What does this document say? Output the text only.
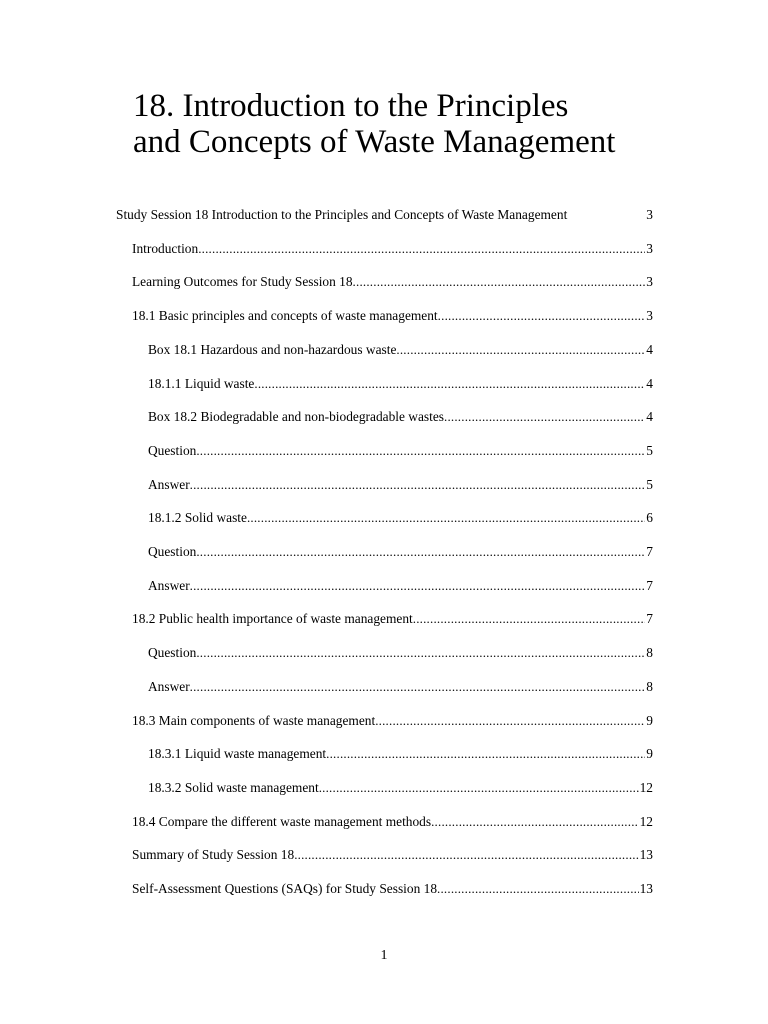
18. Introduction to the Principles
and Concepts of Waste Management
Study Session 18 Introduction to the Principles and Concepts of Waste Management	3
Introduction .....	3
Learning Outcomes for Study Session 18 .....	3
18.1 Basic principles and concepts of waste management .....	3
Box 18.1 Hazardous and non-hazardous waste .....	4
18.1.1 Liquid waste .....	4
Box 18.2 Biodegradable and non-biodegradable wastes .....	4
Question .....	5
Answer .....	5
18.1.2 Solid waste .....	6
Question .....	7
Answer .....	7
18.2 Public health importance of waste management .....	7
Question .....	8
Answer .....	8
18.3 Main components of waste management .....	9
18.3.1 Liquid waste management .....	9
18.3.2 Solid waste management .....	12
18.4 Compare the different waste management methods .....	12
Summary of Study Session 18 .....	13
Self-Assessment Questions (SAQs) for Study Session 18 .....	13
1
